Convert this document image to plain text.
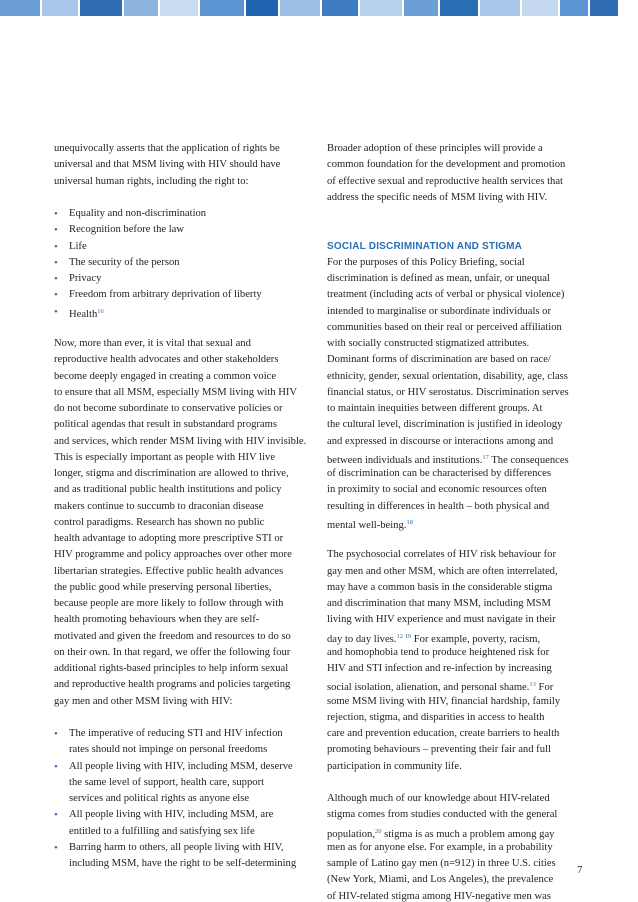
unequivocally asserts that the application of rights be
universal and that MSM living with HIV should have
universal human rights, including the right to:
• Equality and non-discrimination
• Recognition before the law
• Life
• The security of the person
• Privacy
• Freedom from arbitrary deprivation of liberty
• Health$^{16}$
Now, more than ever, it is vital that sexual and
reproductive health advocates and other stakeholders
become deeply engaged in creating a common voice
to ensure that all MSM, especially MSM living with HIV
do not become subordinate to conservative policies or
political agendas that result in substandard programs
and services, which render MSM living with HIV invisible.
This is especially important as people with HIV live
longer, stigma and discrimination are allowed to thrive,
and as traditional public health institutions and policy
makers continue to succumb to draconian disease
control paradigms. Research has shown no public
health advantage to adopting more prescriptive STI or
HIV programme and policy approaches over other more
libertarian strategies. Effective public health advances
the public good while preserving personal liberties,
because people are more likely to follow through with
health promoting behaviours when they are self-
motivated and given the freedom and resources to do so
on their own. In that regard, we offer the following four
additional rights-based principles to help inform sexual
and reproductive health programs and policies targeting
gay men and other MSM living with HIV:
• The imperative of reducing STI and HIV infection
rates should not impinge on personal freedoms
• All people living with HIV, including MSM, deserve
the same level of support, health care, support
services and political rights as anyone else
• All people living with HIV, including MSM, are
entitled to a fulfilling and satisfying sex life
• Barring harm to others, all people living with HIV,
including MSM, have the right to be self-determining
Broader adoption of these principles will provide a
common foundation for the development and promotion
of effective sexual and reproductive health services that
address the specific needs of MSM living with HIV.
SOCIAL DISCRIMINATION AND STIGMA
For the purposes of this Policy Briefing, social
discrimination is defined as mean, unfair, or unequal
treatment (including acts of verbal or physical violence)
intended to marginalise or subordinate individuals or
communities based on their real or perceived affiliation
with socially constructed stigmatized attributes.
Dominant forms of discrimination are based on race/
ethnicity, gender, sexual orientation, disability, age, class
financial status, or HIV serostatus. Discrimination serves
to maintain inequities between different groups. At
the cultural level, discrimination is justified in ideology
and expressed in discourse or interactions among and
between individuals and institutions.$^{17}$ The consequences
of discrimination can be characterised by differences
in proximity to social and economic resources often
resulting in differences in health – both physical and
mental well-being.$^{18}$
The psychosocial correlates of HIV risk behaviour for
gay men and other MSM, which are often interrelated,
may have a common basis in the considerable stigma
and discrimination that many MSM, including MSM
living with HIV experience and must navigate in their
day to day lives.$^{12 19}$ For example, poverty, racism,
and homophobia tend to produce heightened risk for
HIV and STI infection and re-infection by increasing
social isolation, alienation, and personal shame.$^{13}$ For
some MSM living with HIV, financial hardship, family
rejection, stigma, and disparities in access to health
care and prevention education, create barriers to health
promoting behaviours – preventing their fair and full
participation in community life.
Although much of our knowledge about HIV-related
stigma comes from studies conducted with the general
population,$^{20}$ stigma is as much a problem among gay
men as for anyone else. For example, in a probability
sample of Latino gay men (n=912) in three U.S. cities
(New York, Miami, and Los Angeles), the prevalence
of HIV-related stigma among HIV-negative men was
7
